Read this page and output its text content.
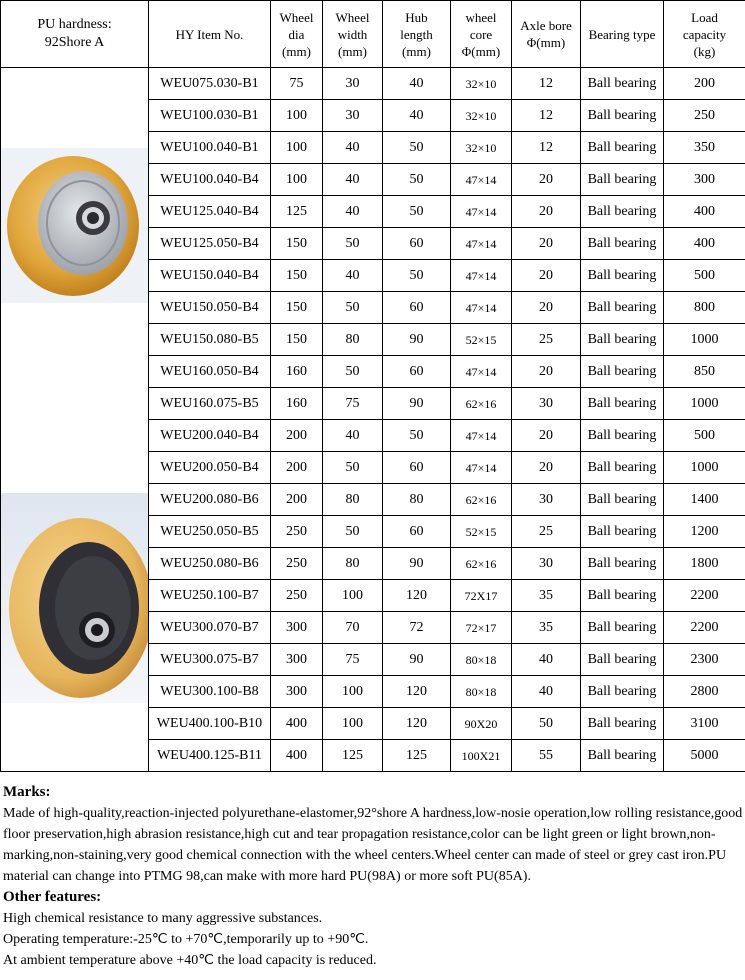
PU hardness:
92Shore A	HY Item No.	Wheel
dia
(mm)	Wheel
width
(mm)	Hub
length
(mm)	wheel
core
Φ(mm)	Axle bore
Φ(mm)	Bearing type	Load
capacity
(kg)

	WEU075.030-B1	75	30	40	32×10	12	Ball bearing	200
	WEU100.030-B1	100	30	40	32×10	12	Ball bearing	250
	WEU100.040-B1	100	40	50	32×10	12	Ball bearing	350
	WEU100.040-B4	100	40	50	47×14	20	Ball bearing	300
	WEU125.040-B4	125	40	50	47×14	20	Ball bearing	400
	WEU125.050-B4	150	50	60	47×14	20	Ball bearing	400
	WEU150.040-B4	150	40	50	47×14	20	Ball bearing	500
	WEU150.050-B4	150	50	60	47×14	20	Ball bearing	800
	WEU150.080-B5	150	80	90	52×15	25	Ball bearing	1000
	WEU160.050-B4	160	50	60	47×14	20	Ball bearing	850
	WEU160.075-B5	160	75	90	62×16	30	Ball bearing	1000
	WEU200.040-B4	200	40	50	47×14	20	Ball bearing	500
	WEU200.050-B4	200	50	60	47×14	20	Ball bearing	1000
	WEU200.080-B6	200	80	80	62×16	30	Ball bearing	1400
	WEU250.050-B5	250	50	60	52×15	25	Ball bearing	1200
	WEU250.080-B6	250	80	90	62×16	30	Ball bearing	1800
	WEU250.100-B7	250	100	120	72X17	35	Ball bearing	2200
	WEU300.070-B7	300	70	72	72×17	35	Ball bearing	2200
	WEU300.075-B7	300	75	90	80×18	40	Ball bearing	2300
	WEU300.100-B8	300	100	120	80×18	40	Ball bearing	2800
	WEU400.100-B10	400	100	120	90X20	50	Ball bearing	3100
	WEU400.125-B11	400	125	125	100X21	55	Ball bearing	5000

Marks:

Made of high-quality,reaction-injected polyurethane-elastomer,92°shore A hardness,low-nosie operation,low rolling resistance,good floor preservation,high abrasion resistance,high cut and tear propagation resistance,color can be light green or light brown,non-marking,non-staining,very good chemical connection with the wheel centers.Wheel center can made of steel or grey cast iron.PU material can change into PTMG 98,can make with more hard PU(98A) or more soft PU(85A).

Other features:

High chemical resistance to many aggressive substances.

Operating temperature:-25℃ to +70℃,temporarily up to +90℃.

At ambient temperature above +40℃ the load capacity is reduced.
